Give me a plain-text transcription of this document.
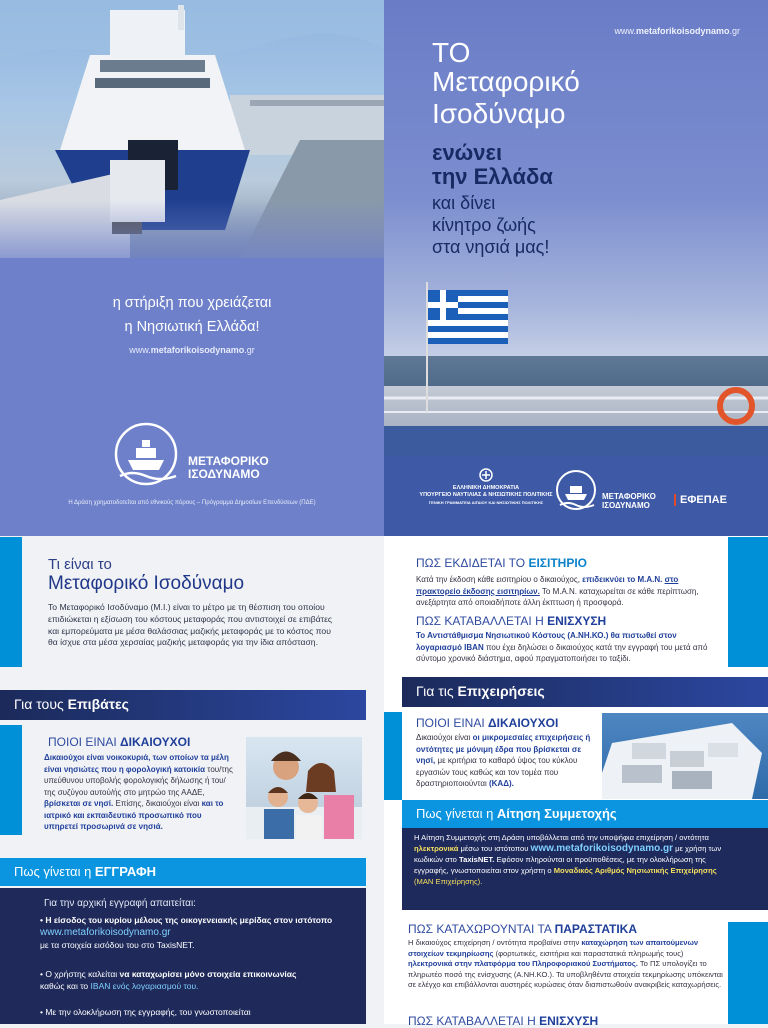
η στήριξη που χρειάζεται
η Νησιωτική Ελλάδα!
www.metaforikoisodynamo.gr
ΜΕΤΑΦΟΡΙΚΟ
ΙΣΟΔΥΝΑΜΟ
Η Δράση χρηματοδοτείται από εθνικούς πόρους – Πρόγραμμα Δημοσίων Επενδύσεων (ΠΔΕ)
www.metaforikoisodynamo.gr
ΤΟ
Μεταφορικό
Ισοδύναμο
ενώνει
την Ελλάδα
και δίνει
κίνητρο ζωής
στα νησιά μας!
ΕΛΛΗΝΙΚΗ ΔΗΜΟΚΡΑΤΙΑ
ΥΠΟΥΡΓΕΙΟ ΝΑΥΤΙΛΙΑΣ & ΝΗΣΙΩΤΙΚΗΣ ΠΟΛΙΤΙΚΗΣ
ΓΕΝΙΚΗ ΓΡΑΜΜΑΤΕΙΑ ΑΙΓΑΙΟΥ ΚΑΙ ΝΗΣΙΩΤΙΚΗΣ ΠΟΛΙΤΙΚΗΣ
ΜΕΤΑΦΟΡΙΚΟ
ΙΣΟΔΥΝΑΜΟ	ΕΦΕΠΑΕ
Τι είναι το
Μεταφορικό Ισοδύναμο
Το Μεταφορικό Ισοδύναμο (Μ.Ι.) είναι το μέτρο με τη θέσπιση του οποίου επιδιώκεται η εξίσωση του κόστους μεταφοράς που αντιστοιχεί σε επιβάτες και εμπορεύματα με μέσα θαλάσσιας μαζικής μεταφοράς με το κόστος που θα ίσχυε στα μέσα χερσαίας μαζικής μεταφοράς για την ίδια απόσταση.
Για τους Επιβάτες
ΠΟΙΟΙ ΕΙΝΑΙ ΔΙΚΑΙΟΥΧΟΙ
Δικαιούχοι είναι νοικοκυριά, των οποίων τα μέλη είναι νησιώτες που η φορολογική κατοικία του/της υπεύθυνου υποβολής φορολογικής δήλωσης ή του/της συζύγου αυτού/ής στο μητρώο της ΑΑΔΕ, βρίσκεται σε νησί. Επίσης, δικαιούχοι είναι και το ιατρικό και εκπαιδευτικό προσωπικό που υπηρετεί προσωρινά σε νησιά.
Πως γίνεται η ΕΓΓΡΑΦΗ
Για την αρχική εγγραφή απαιτείται:
• Η είσοδος του κυρίου μέλους της οικογενειακής μερίδας στον ιστότοπο www.metaforikoisodynamo.gr
με τα στοιχεία εισόδου του στο TaxisNET.
• Ο χρήστης καλείται να καταχωρίσει μόνο στοιχεία επικοινωνίας
καθώς και το IBAN ενός λογαριασμού του.
• Με την ολοκλήρωση της εγγραφής, του γνωστοποιείται
ΠΩΣ ΕΚΔΙΔΕΤΑΙ ΤΟ ΕΙΣΙΤΗΡΙΟ
Κατά την έκδοση κάθε εισιτηρίου ο δικαιούχος, επιδεικνύει το Μ.Α.Ν. στο πρακτορείο έκδοσης εισιτηρίων. Το Μ.Α.Ν. καταχωρείται σε κάθε περίπτωση, ανεξάρτητα από οποιαδήποτε άλλη έκπτωση ή προσφορά.
ΠΩΣ ΚΑΤΑΒΑΛΛΕΤΑΙ Η ΕΝΙΣΧΥΣΗ
Το Αντιστάθμισμα Νησιωτικού Κόστους (Α.ΝΗ.ΚΟ.) θα πιστωθεί στον λογαριασμό IBAN που έχει δηλώσει ο δικαιούχος κατά την εγγραφή του μετά από σύντομο χρονικό διάστημα, αφού πραγματοποιήσει το ταξίδι.
Για τις Επιχειρήσεις
ΠΟΙΟΙ ΕΙΝΑΙ ΔΙΚΑΙΟΥΧΟΙ
Δικαιούχοι είναι οι μικρομεσαίες επιχειρήσεις ή οντότητες με μόνιμη έδρα που βρίσκεται σε νησί, με κριτήρια το καθαρό ύψος του κύκλου εργασιών τους καθώς και τον τομέα που δραστηριοποιούνται (ΚΑΔ).
Πως γίνεται η Αίτηση Συμμετοχής
Η Αίτηση Συμμετοχής στη Δράση υποβάλλεται από την υποψήφια επιχείρηση / οντότητα ηλεκτρονικά μέσω του ιστότοπου www.metaforikoisodynamo.gr με χρήση των κωδικών στο TaxisNET. Εφόσον πληρούνται οι προϋποθέσεις, με την ολοκλήρωση της εγγραφής, γνωστοποιείται στον χρήστη ο Μοναδικός Αριθμός Νησιωτικής Επιχείρησης (ΜΑΝ Επιχείρησης).
ΠΩΣ ΚΑΤΑΧΩΡΟΥΝΤΑΙ ΤΑ ΠΑΡΑΣΤΑΤΙΚΑ
Η δικαιούχος επιχείρηση / οντότητα προβαίνει στην καταχώρηση των απαιτούμενων στοιχείων τεκμηρίωσης (φορτωτικές, εισιτήρια και παραστατικά πληρωμής τους) ηλεκτρονικά στην πλατφόρμα του Πληροφοριακού Συστήματος. Το ΠΣ υπολογίζει το πληρωτέο ποσό της ενίσχυσης (Α.ΝΗ.ΚΟ.). Τα υποβληθέντα στοιχεία τεκμηρίωσης υπόκεινται σε ελέγχο και επιβάλλονται αυστηρές κυρώσεις όταν διαπιστωθούν ανακριβείς καταχωρήσεις.
ΠΩΣ ΚΑΤΑΒΑΛΛΕΤΑΙ Η ΕΝΙΣΧΥΣΗ
